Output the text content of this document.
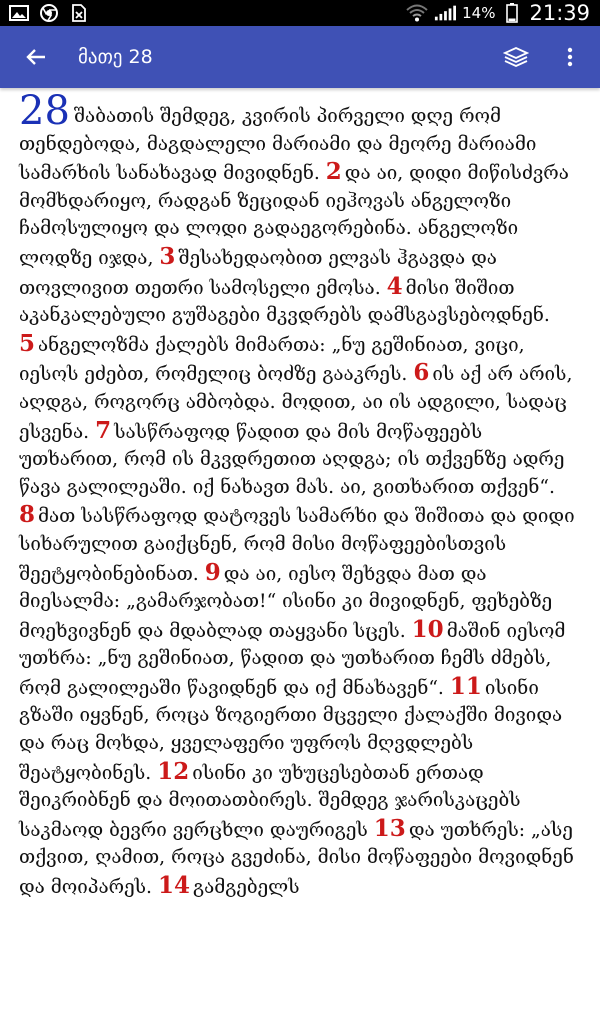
14% 21:39
მათე 28
28 შაბათის შემდეგ, კვირის პირველი დღე რომ თენდებოდა, მაგდალელი მარიამი და მეორე მარიამი სამარხის სანახავად მივიდნენ. 2 და აი, დიდი მიწისძვრა მომხდარიყო, რადგან ზეციდან იეჰოვას ანგელოზი ჩამოსულიყო და ლოდი გადაეგორებინა. ანგელოზი ლოდზე იჯდა, 3 შესახედაობით ელვას ჰგავდა და თოვლივით თეთრი სამოსელი ემოსა. 4 მისი შიშით აკანკალებული გუშაგები მკვდრებს დამსგავსებოდნენ. 5 ანგელოზმა ქალებს მიმართა: „ნუ გეშინიათ, ვიცი, იესოს ეძებთ, რომელიც ბოძზე გააკრეს. 6 ის აქ არ არის, აღდგა, როგორც ამბობდა. მოდით, აი ის ადგილი, სადაც ესვენა. 7 სასწრაფოდ წადით და მის მოწაფეებს უთხარით, რომ ის მკვდრეთით აღდგა; ის თქვენზე ადრე წავა გალილეაში. იქ ნახავთ მას. აი, გითხარით თქვენ“. 8 მათ სასწრაფოდ დატოვეს სამარხი და შიშითა და დიდი სიხარულით გაიქცნენ, რომ მისი მოწაფეებისთვის შეეტყობინებინათ. 9 და აი, იესო შეხვდა მათ და მიესალმა: „გამარჯობათ!“ ისინი კი მივიდნენ, ფეხებზე მოეხვივნენ და მდაბლად თაყვანი სცეს. 10 მაშინ იესომ უთხრა: „ნუ გეშინიათ, წადით და უთხარით ჩემს ძმებს, რომ გალილეაში წავიდნენ და იქ მნახავენ“. 11 ისინი გზაში იყვნენ, როცა ზოგიერთი მცველი ქალაქში მივიდა და რაც მოხდა, ყველაფერი უფროს მღვდლებს შეატყობინეს. 12 ისინი კი უხუცესებთან ერთად შეიკრიბნენ და მოითათბირეს. შემდეგ ჯარისკაცებს საკმაოდ ბევრი ვერცხლი დაურიგეს 13 და უთხრეს: „ასე თქვით, ღამით, როცა გვეძინა, მისი მოწაფეები მოვიდნენ და მოიპარეს. 14 გამგებელს
